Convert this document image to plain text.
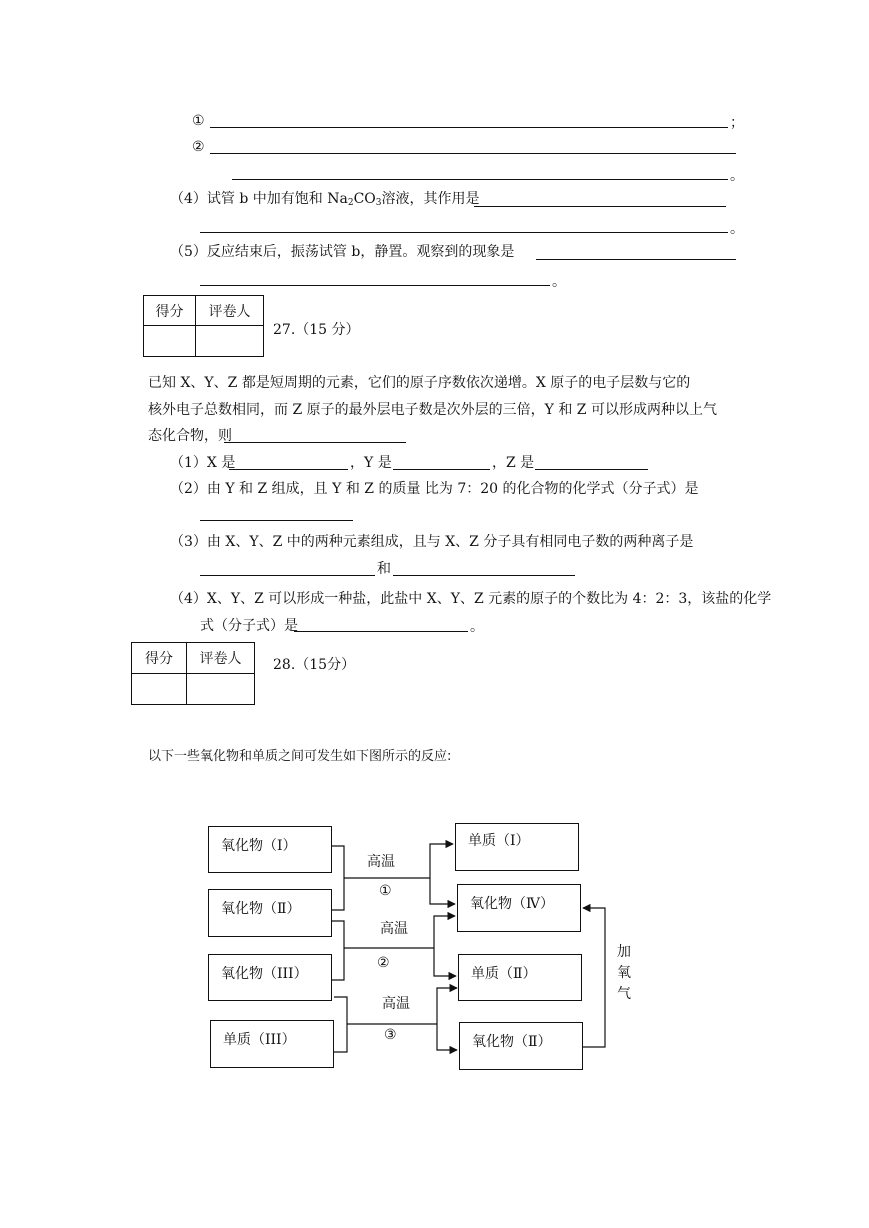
①	；
②
。
（4）试管 b 中加有饱和 Na2CO3溶液，其作用是
。
（5）反应结束后，振荡试管 b，静置。观察到的现象是
。
得分	评卷人
27.（15 分）
已知 X、Y、Z 都是短周期的元素，它们的原子序数依次递增。X 原子的电子层数与它的
核外电子总数相同，而 Z 原子的最外层电子数是次外层的三倍，Y 和 Z 可以形成两种以上气
态化合物，则
（1）X 是	，Y 是	，Z 是
（2）由 Y 和 Z 组成，且 Y 和 Z 的质量 比为 7：20 的化合物的化学式（分子式）是
（3）由 X、Y、Z 中的两种元素组成，且与 X、Z 分子具有相同电子数的两种离子是
和
（4）X、Y、Z 可以形成一种盐，此盐中 X、Y、Z 元素的原子的个数比为 4：2：3，该盐的化学
式（分子式）是	。
得分	评卷人	28.（15分）
以下一些氧化物和单质之间可发生如下图所示的反应:
氧化物（Ⅰ）
氧化物（Ⅱ）
氧化物（III）
单质（III）
单质（Ⅰ）
氧化物（Ⅳ）
单质（Ⅱ）
氧化物（Ⅱ）
高温
①
高温
②
高温
③
加
氧
气
